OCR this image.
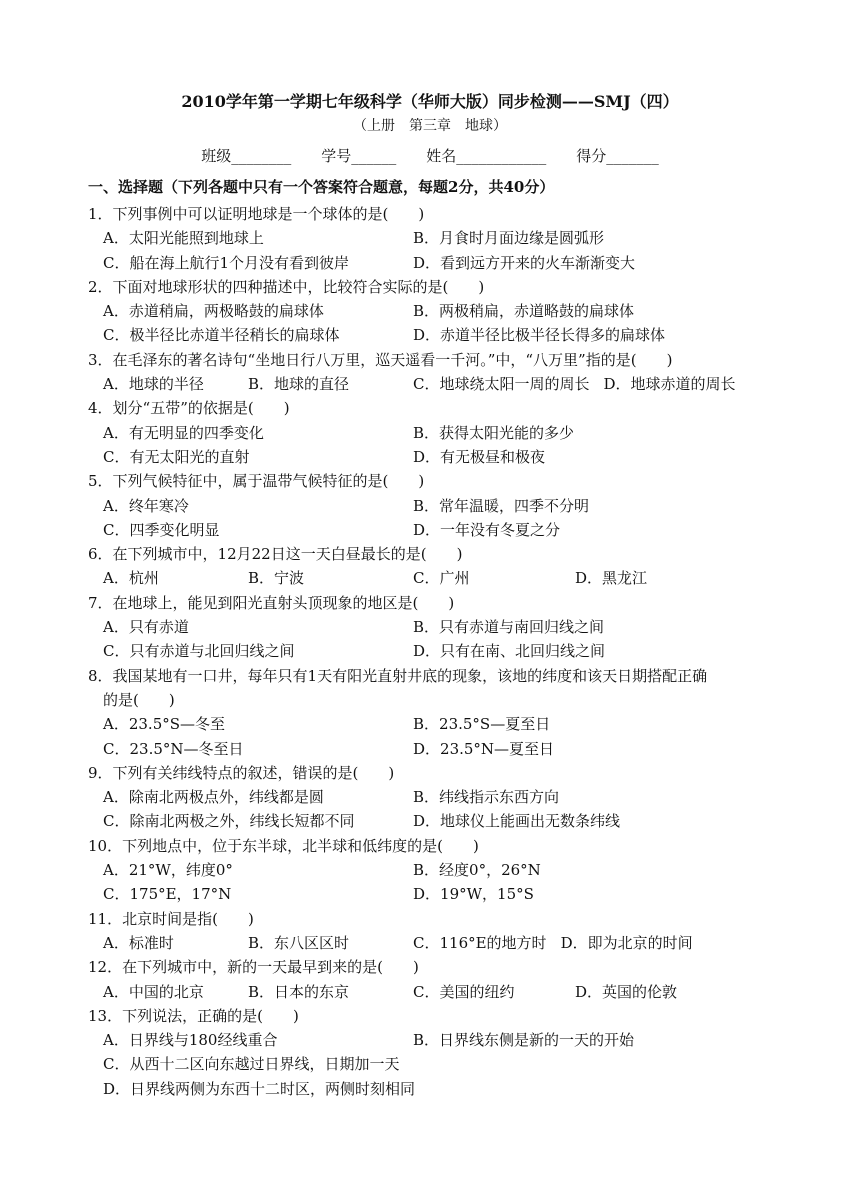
2010学年第一学期七年级科学（华师大版）同步检测——SMJ（四）
（上册　第三章　地球）
班级________　　学号______　　姓名____________　　得分_______
一、选择题（下列各题中只有一个答案符合题意，每题2分，共40分）
1．下列事例中可以证明地球是一个球体的是(　　)
A．太阳光能照到地球上	B．月食时月面边缘是圆弧形
C．船在海上航行1个月没有看到彼岸	D．看到远方开来的火车渐渐变大
2．下面对地球形状的四种描述中，比较符合实际的是(　　)
A．赤道稍扁，两极略鼓的扁球体	B．两极稍扁，赤道略鼓的扁球体
C．极半径比赤道半径稍长的扁球体	D．赤道半径比极半径长得多的扁球体
3．在毛泽东的著名诗句“坐地日行八万里，巡天遥看一千河。”中，“八万里”指的是(　　)
A．地球的半径	B．地球的直径	C．地球绕太阳一周的周长 D．地球赤道的周长
4．划分“五带”的依据是(　　)
A．有无明显的四季变化	B．获得太阳光能的多少
C．有无太阳光的直射	D．有无极昼和极夜
5．下列气候特征中，属于温带气候特征的是(　　)
A．终年寒冷	B．常年温暖，四季不分明
C．四季变化明显	D．一年没有冬夏之分
6．在下列城市中，12月22日这一天白昼最长的是(　　)
A．杭州	B．宁波	C．广州	D．黑龙江
7．在地球上，能见到阳光直射头顶现象的地区是(　　)
A．只有赤道	B．只有赤道与南回归线之间
C．只有赤道与北回归线之间	D．只有在南、北回归线之间
8．我国某地有一口井，每年只有1天有阳光直射井底的现象，该地的纬度和该天日期搭配正确
的是(　　)
A．23.5°S—冬至	B．23.5°S—夏至日
C．23.5°N—冬至日	D．23.5°N—夏至日
9．下列有关纬线特点的叙述，错误的是(　　)
A．除南北两极点外，纬线都是圆	B．纬线指示东西方向
C．除南北两极之外，纬线长短都不同	D．地球仪上能画出无数条纬线
10．下列地点中，位于东半球，北半球和低纬度的是(　　)
A．21°W，纬度0°	B．经度0°，26°N
C．175°E，17°N	D．19°W，15°S
11．北京时间是指(　　)
A．标准时	B．东八区区时	C．116°E的地方时 D．即为北京的时间
12．在下列城市中，新的一天最早到来的是(　　)
A．中国的北京	B．日本的东京	C．美国的纽约	D．英国的伦敦
13．下列说法，正确的是(　　)
A．日界线与180经线重合	B．日界线东侧是新的一天的开始
C．从西十二区向东越过日界线，日期加一天
D．日界线两侧为东西十二时区，两侧时刻相同
